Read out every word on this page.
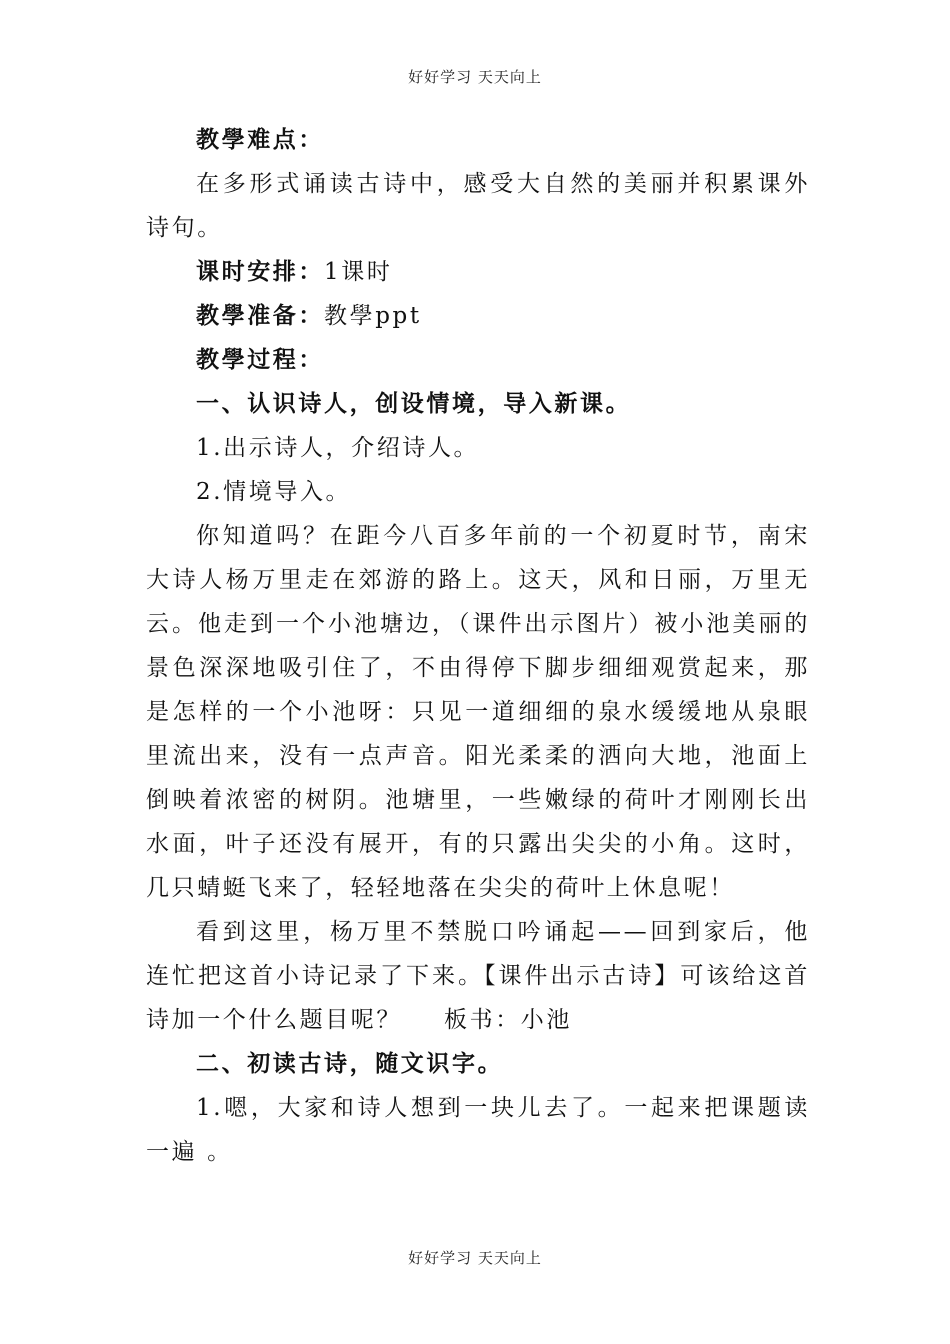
好好学习 天天向上

教學难点：

在多形式诵读古诗中，感受大自然的美丽并积累课外诗句。

课时安排：1课时

教學准备：教學ppt

教學过程：

一、认识诗人，创设情境，导入新课。

1.出示诗人，介绍诗人。

2.情境导入。

你知道吗？在距今八百多年前的一个初夏时节，南宋大诗人杨万里走在郊游的路上。这天，风和日丽，万里无云。他走到一个小池塘边，（课件出示图片）被小池美丽的景色深深地吸引住了，不由得停下脚步细细观赏起来，那是怎样的一个小池呀：只见一道细细的泉水缓缓地从泉眼里流出来，没有一点声音。阳光柔柔的洒向大地，池面上倒映着浓密的树阴。池塘里，一些嫩绿的荷叶才刚刚长出水面，叶子还没有展开，有的只露出尖尖的小角。这时，几只蜻蜓飞来了，轻轻地落在尖尖的荷叶上休息呢！

看到这里，杨万里不禁脱口吟诵起——回到家后，他连忙把这首小诗记录了下来。【课件出示古诗】可该给这首诗加一个什么题目呢？ 板书：小池

二、初读古诗，随文识字。

1.嗯，大家和诗人想到一块儿去了。一起来把课题读一遍 。

好好学习 天天向上
